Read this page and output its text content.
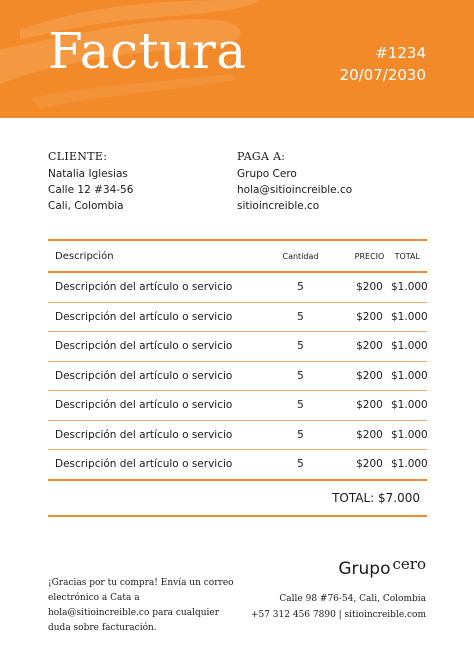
Factura	#1234
20/07/2030
CLIENTE:
Natalia Iglesias
Calle 12 #34-56
Cali, Colombia
PAGA A:
Grupo Cero
hola@sitioincreible.co
sitioincreible.co
Descripción	Cantidad	PRECIO	TOTAL
Descripción del artículo o servicio	5	$200 $1.000
Descripción del artículo o servicio	5	$200 $1.000
Descripción del artículo o servicio	5	$200 $1.000
Descripción del artículo o servicio	5	$200 $1.000
Descripción del artículo o servicio	5	$200 $1.000
Descripción del artículo o servicio	5	$200 $1.000
Descripción del artículo o servicio	5	$200 $1.000
TOTAL: $7.000
¡Gracias por tu compra! Envía un correo electrónico a Cata a hola@sitioincreible.co para cualquier duda sobre facturación.
Grupo cero
Calle 98 #76-54, Cali, Colombia
+57 312 456 7890 | sitioincreible.com
